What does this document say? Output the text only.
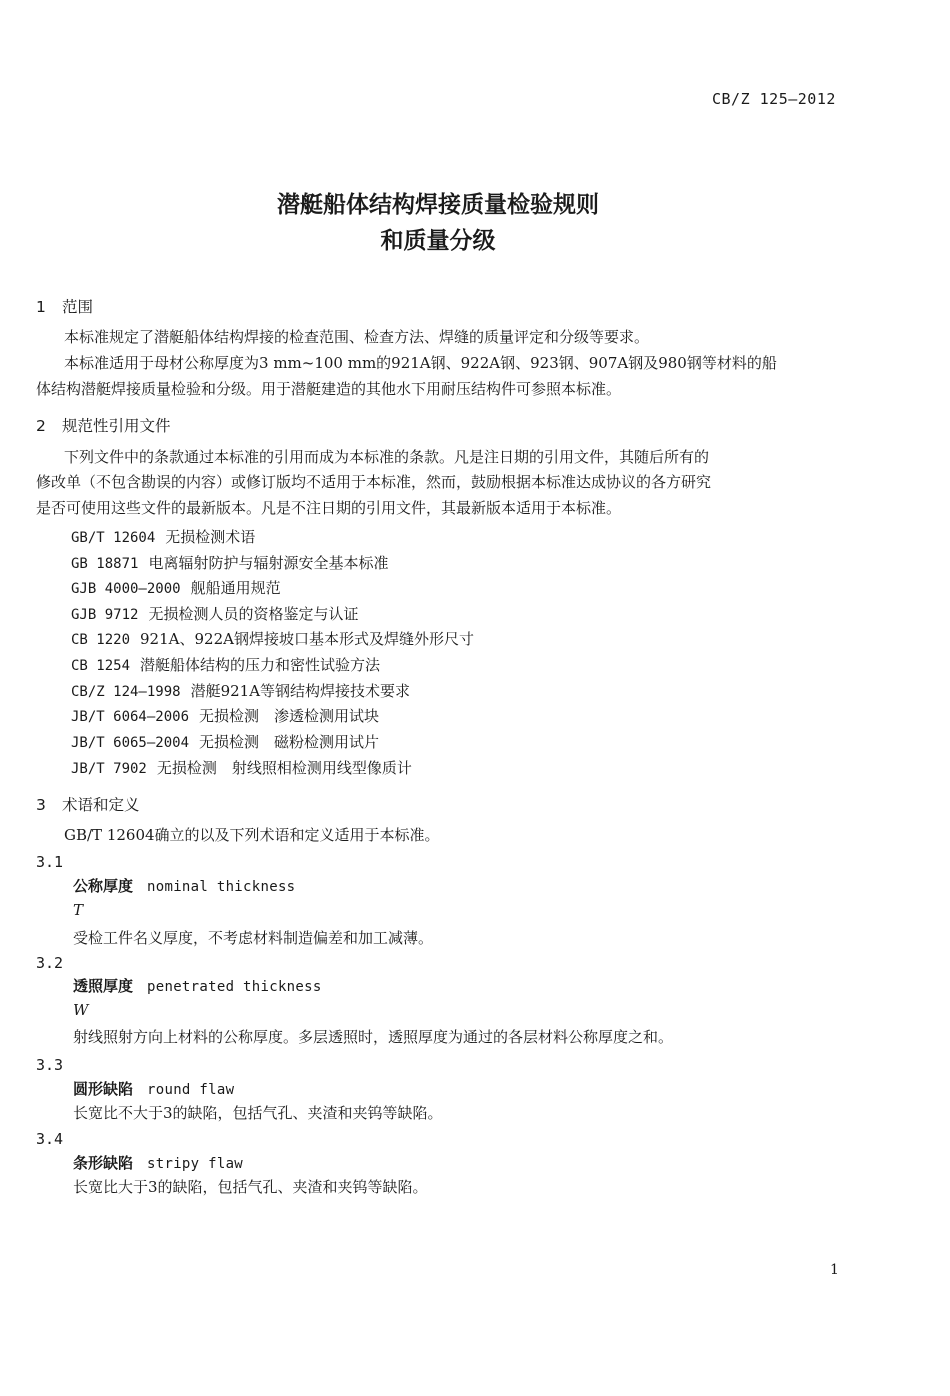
CB/Z 125—2012
潜艇船体结构焊接质量检验规则
和质量分级
1 范围
本标准规定了潜艇船体结构焊接的检查范围、检查方法、焊缝的质量评定和分级等要求。
本标准适用于母材公称厚度为3 mm~100 mm的921A钢、922A钢、923钢、907A钢及980钢等材料的船
体结构潜艇焊接质量检验和分级。用于潜艇建造的其他水下用耐压结构件可参照本标准。
2 规范性引用文件
下列文件中的条款通过本标准的引用而成为本标准的条款。凡是注日期的引用文件，其随后所有的
修改单（不包含勘误的内容）或修订版均不适用于本标准，然而，鼓励根据本标准达成协议的各方研究
是否可使用这些文件的最新版本。凡是不注日期的引用文件，其最新版本适用于本标准。
GB/T 12604 无损检测术语
GB 18871 电离辐射防护与辐射源安全基本标准
GJB 4000—2000 舰船通用规范
GJB 9712 无损检测人员的资格鉴定与认证
CB 1220 921A、922A钢焊接坡口基本形式及焊缝外形尺寸
CB 1254 潜艇船体结构的压力和密性试验方法
CB/Z 124—1998 潜艇921A等钢结构焊接技术要求
JB/T 6064—2006 无损检测　渗透检测用试块
JB/T 6065—2004 无损检测　磁粉检测用试片
JB/T 7902 无损检测　射线照相检测用线型像质计
3 术语和定义
GB/T 12604确立的以及下列术语和定义适用于本标准。
3.1
公称厚度 nominal thickness
T
受检工件名义厚度，不考虑材料制造偏差和加工减薄。
3.2
透照厚度 penetrated thickness
W
射线照射方向上材料的公称厚度。多层透照时，透照厚度为通过的各层材料公称厚度之和。
3.3
圆形缺陷 round flaw
长宽比不大于3的缺陷，包括气孔、夹渣和夹钨等缺陷。
3.4
条形缺陷 stripy flaw
长宽比大于3的缺陷，包括气孔、夹渣和夹钨等缺陷。
1
